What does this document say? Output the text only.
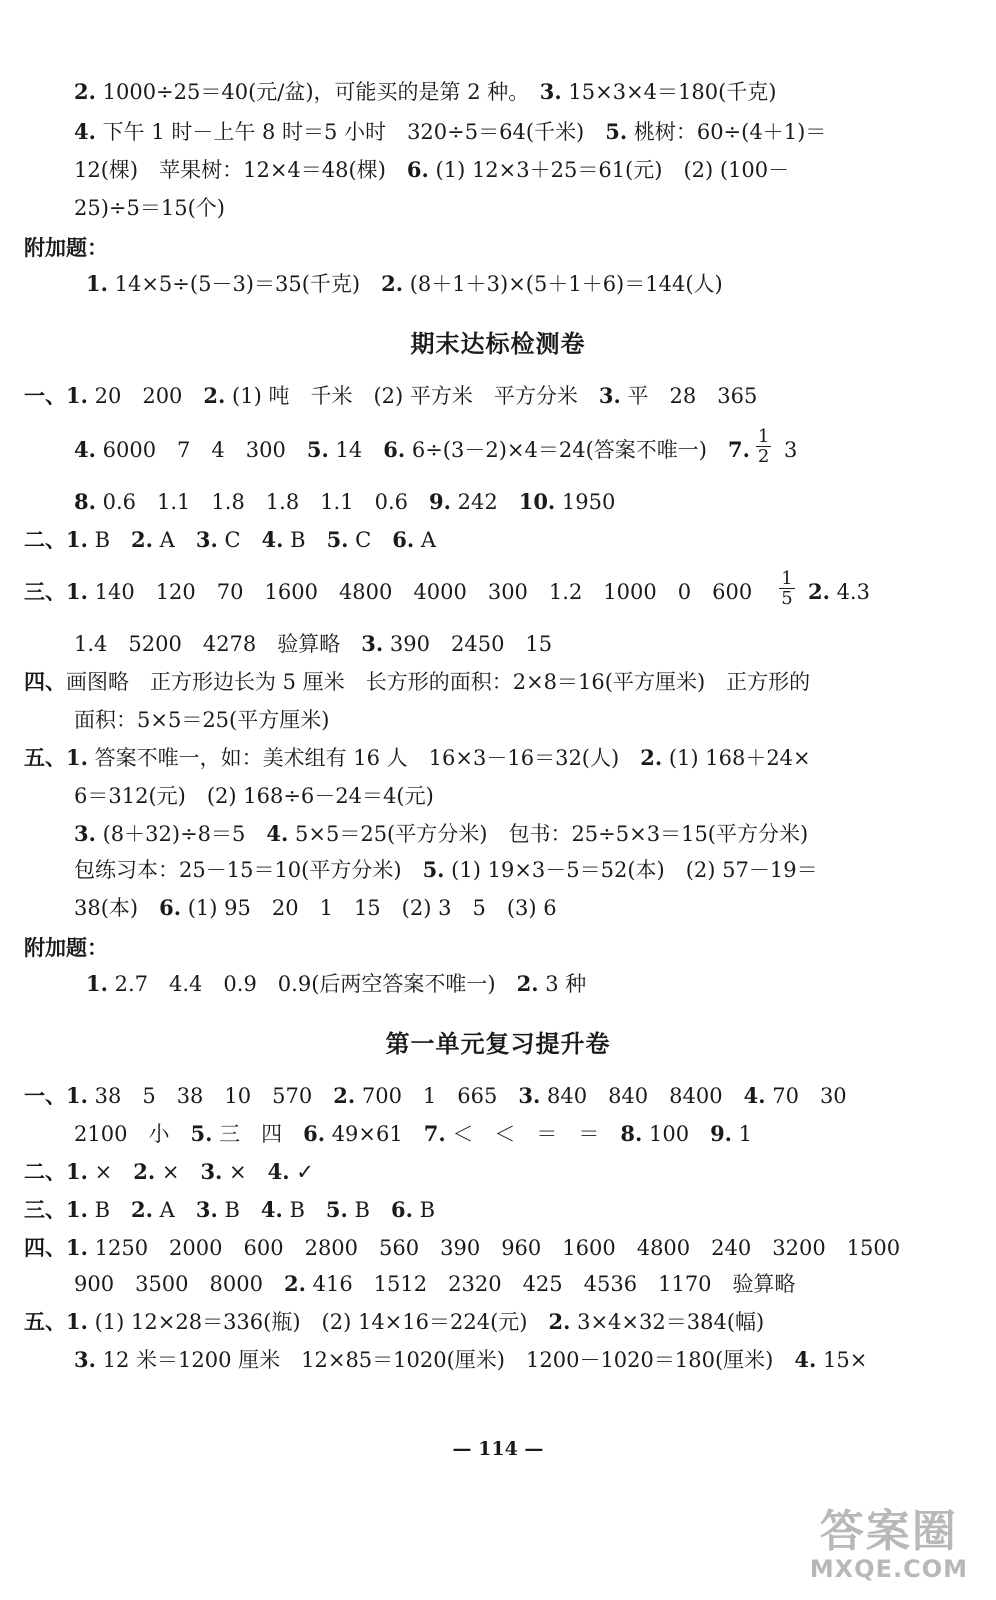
2. 1000÷25＝40(元/盆)，可能买的是第 2 种。　3. 15×3×4＝180(千克)
4. 下午 1 时－上午 8 时＝5 小时　320÷5＝64(千米)　5. 桃树：60÷(4＋1)＝
12(棵)　苹果树：12×4＝48(棵)　6. (1) 12×3＋25＝61(元)　(2) (100－
25)÷5＝15(个)
附加题：
1. 14×5÷(5－3)＝35(千克)　2. (8＋1＋3)×(5＋1＋6)＝144(人)
期末达标检测卷
一、1. 20　200　2. (1) 吨　千米　(2) 平方米　平方分米　3. 平　28　365
4. 6000　7　4　300　5. 14　6. 6÷(3－2)×4＝24(答案不唯一)　7. $\frac{1}{2} 3$
8. 0.6　1.1　1.8　1.8　1.1　0.6　9. 242　10. 1950
二、1. B　2. A　3. C　4. B　5. C　6. A
三、1. 140　120　70　1600　4800　4000　300　1.2　1000　0　600　 $\frac{1}{5} 2$. 4.3
1.4　5200　4278　验算略　3. 390　2450　15
四、画图略　正方形边长为 5 厘米　长方形的面积：2×8＝16(平方厘米)　正方形的
面积：5×5＝25(平方厘米)
五、1. 答案不唯一，如：美术组有 16 人　16×3－16＝32(人)　2. (1) 168＋24×
6＝312(元)　(2) 168÷6－24＝4(元)
3. (8＋32)÷8＝5　4. 5×5＝25(平方分米)　包书：25÷5×3＝15(平方分米)
包练习本：25－15＝10(平方分米)　5. (1) 19×3－5＝52(本)　(2) 57－19＝
38(本)　6. (1) 95　20　1　15　(2) 3　5　(3) 6
附加题：
1. 2.7　4.4　0.9　0.9(后两空答案不唯一)　2. 3 种
第一单元复习提升卷
一、1. 38　5　38　10　570　2. 700　1　665　3. 840　840　8400　4. 70　30
2100　小　5. 三　四　6. 49×61　7. ＜　＜　＝　＝　8. 100　9. 1
二、1. ×　2. ×　3. ×　4. ✓
三、1. B　2. A　3. B　4. B　5. B　6. B
四、1. 1250　2000　600　2800　560　390　960　1600　4800　240　3200　1500
900　3500　8000　2. 416　1512　2320　425　4536　1170　验算略
五、1. (1) 12×28＝336(瓶)　(2) 14×16＝224(元)　2. 3×4×32＝384(幅)
3. 12 米＝1200 厘米　12×85＝1020(厘米)　1200－1020＝180(厘米)　4. 15×
— 114 —
答案圈
MXQE.COM
